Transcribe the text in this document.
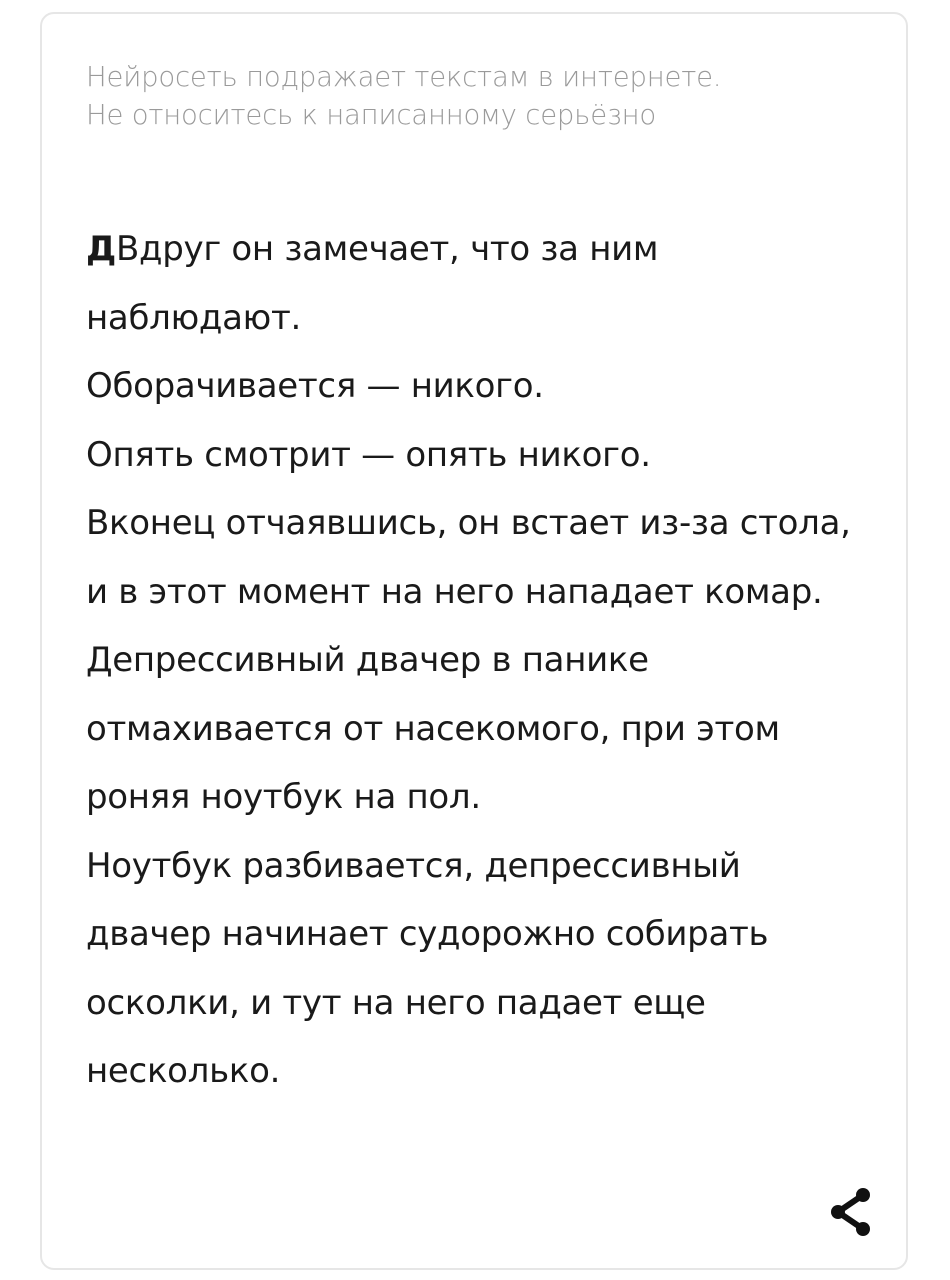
Нейросеть подражает текстам в интернете.
Не относитесь к написанному серьёзно

ДВдруг он замечает, что за ним наблюдают.

Оборачивается — никого.

Опять смотрит — опять никого.

Вконец отчаявшись, он встает из-за стола, и в этот момент на него нападает комар.

Депрессивный двачер в панике отмахивается от насекомого, при этом роняя ноутбук на пол.

Ноутбук разбивается, депрессивный двачер начинает судорожно собирать осколки, и тут на него падает еще несколько.
